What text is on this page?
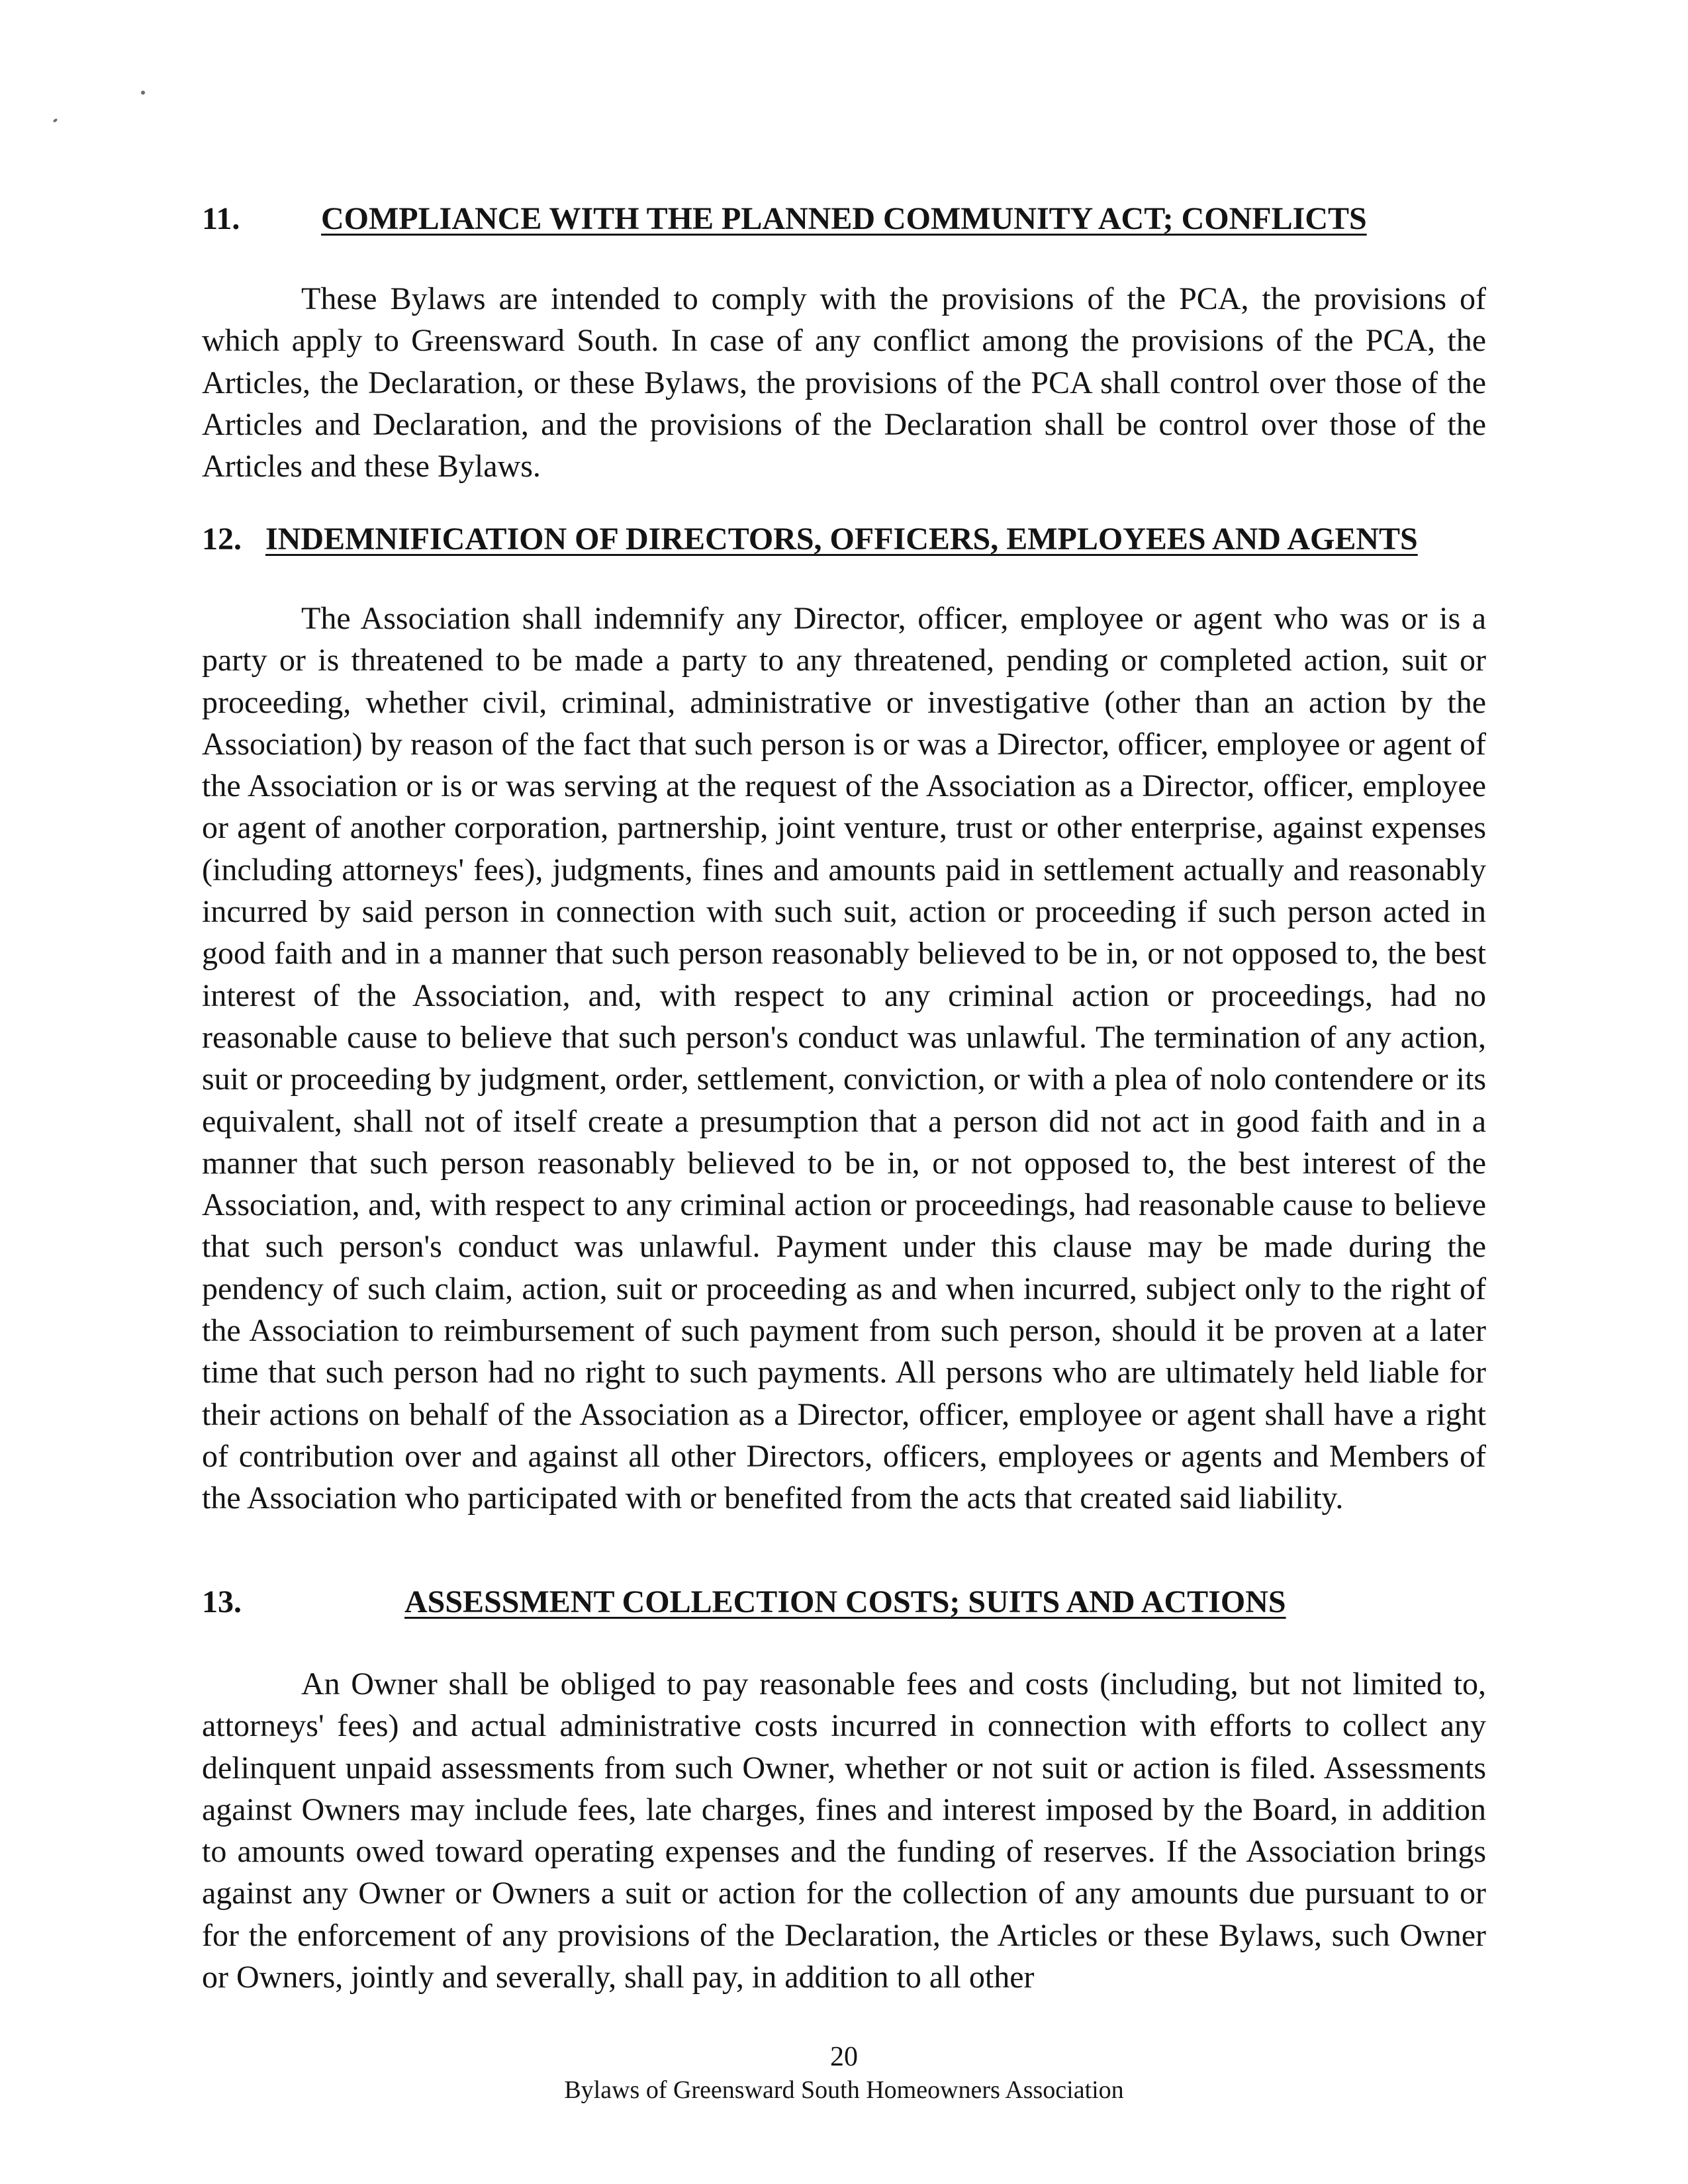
11.	COMPLIANCE WITH THE PLANNED COMMUNITY ACT; CONFLICTS

These Bylaws are intended to comply with the provisions of the PCA, the provisions of which apply to Greensward South. In case of any conflict among the provisions of the PCA, the Articles, the Declaration, or these Bylaws, the provisions of the PCA shall control over those of the Articles and Declaration, and the provisions of the Declaration shall be control over those of the Articles and these Bylaws.

12. INDEMNIFICATION OF DIRECTORS, OFFICERS, EMPLOYEES AND AGENTS

The Association shall indemnify any Director, officer, employee or agent who was or is a party or is threatened to be made a party to any threatened, pending or completed action, suit or proceeding, whether civil, criminal, administrative or investigative (other than an action by the Association) by reason of the fact that such person is or was a Director, officer, employee or agent of the Association or is or was serving at the request of the Association as a Director, officer, employee or agent of another corporation, partnership, joint venture, trust or other enterprise, against expenses (including attorneys' fees), judgments, fines and amounts paid in settlement actually and reasonably incurred by said person in connection with such suit, action or proceeding if such person acted in good faith and in a manner that such person reasonably believed to be in, or not opposed to, the best interest of the Association, and, with respect to any criminal action or proceedings, had no reasonable cause to believe that such person's conduct was unlawful. The termination of any action, suit or proceeding by judgment, order, settlement, conviction, or with a plea of nolo contendere or its equivalent, shall not of itself create a presumption that a person did not act in good faith and in a manner that such person reasonably believed to be in, or not opposed to, the best interest of the Association, and, with respect to any criminal action or proceedings, had reasonable cause to believe that such person's conduct was unlawful. Payment under this clause may be made during the pendency of such claim, action, suit or proceeding as and when incurred, subject only to the right of the Association to reimbursement of such payment from such person, should it be proven at a later time that such person had no right to such payments. All persons who are ultimately held liable for their actions on behalf of the Association as a Director, officer, employee or agent shall have a right of contribution over and against all other Directors, officers, employees or agents and Members of the Association who participated with or benefited from the acts that created said liability.

13.	ASSESSMENT COLLECTION COSTS; SUITS AND ACTIONS

An Owner shall be obliged to pay reasonable fees and costs (including, but not limited to, attorneys' fees) and actual administrative costs incurred in connection with efforts to collect any delinquent unpaid assessments from such Owner, whether or not suit or action is filed. Assessments against Owners may include fees, late charges, fines and interest imposed by the Board, in addition to amounts owed toward operating expenses and the funding of reserves. If the Association brings against any Owner or Owners a suit or action for the collection of any amounts due pursuant to or for the enforcement of any provisions of the Declaration, the Articles or these Bylaws, such Owner or Owners, jointly and severally, shall pay, in addition to all other

20
Bylaws of Greensward South Homeowners Association
